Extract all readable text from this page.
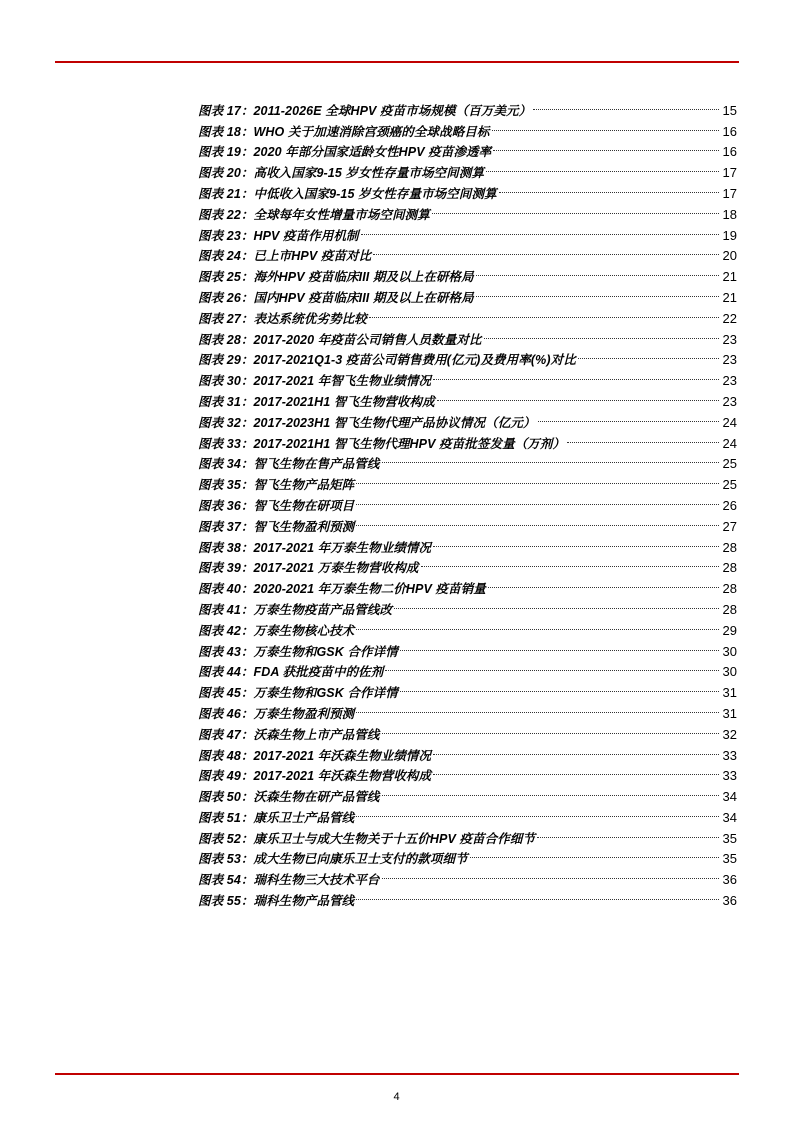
图表 17：2011-2026E 全球HPV 疫苗市场规模（百万美元）	15
图表 18：WHO 关于加速消除宫颈癌的全球战略目标	16
图表 19：2020 年部分国家适龄女性HPV 疫苗渗透率	16
图表 20：高收入国家9-15 岁女性存量市场空间测算	17
图表 21：中低收入国家9-15 岁女性存量市场空间测算	17
图表 22：全球每年女性增量市场空间测算	18
图表 23：HPV 疫苗作用机制	19
图表 24：已上市HPV 疫苗对比	20
图表 25：海外HPV 疫苗临床III 期及以上在研格局	21
图表 26：国内HPV 疫苗临床III 期及以上在研格局	21
图表 27：表达系统优劣势比较	22
图表 28：2017-2020 年疫苗公司销售人员数量对比	23
图表 29：2017-2021Q1-3 疫苗公司销售费用(亿元)及费用率(%)对比	23
图表 30：2017-2021 年智飞生物业绩情况	23
图表 31：2017-2021H1 智飞生物营收构成	23
图表 32：2017-2023H1 智飞生物代理产品协议情况（亿元）	24
图表 33：2017-2021H1 智飞生物代理HPV 疫苗批签发量（万剂）	24
图表 34：智飞生物在售产品管线	25
图表 35：智飞生物产品矩阵	25
图表 36：智飞生物在研项目	26
图表 37：智飞生物盈利预测	27
图表 38：2017-2021 年万泰生物业绩情况	28
图表 39：2017-2021 万泰生物营收构成	28
图表 40：2020-2021 年万泰生物二价HPV 疫苗销量	28
图表 41：万泰生物疫苗产品管线改	28
图表 42：万泰生物核心技术	29
图表 43：万泰生物和GSK 合作详情	30
图表 44：FDA 获批疫苗中的佐剂	30
图表 45：万泰生物和GSK 合作详情	31
图表 46：万泰生物盈利预测	31
图表 47：沃森生物上市产品管线	32
图表 48：2017-2021 年沃森生物业绩情况	33
图表 49：2017-2021 年沃森生物营收构成	33
图表 50：沃森生物在研产品管线	34
图表 51：康乐卫士产品管线	34
图表 52：康乐卫士与成大生物关于十五价HPV 疫苗合作细节	35
图表 53：成大生物已向康乐卫士支付的款项细节	35
图表 54：瑞科生物三大技术平台	36
图表 55：瑞科生物产品管线	36
4
